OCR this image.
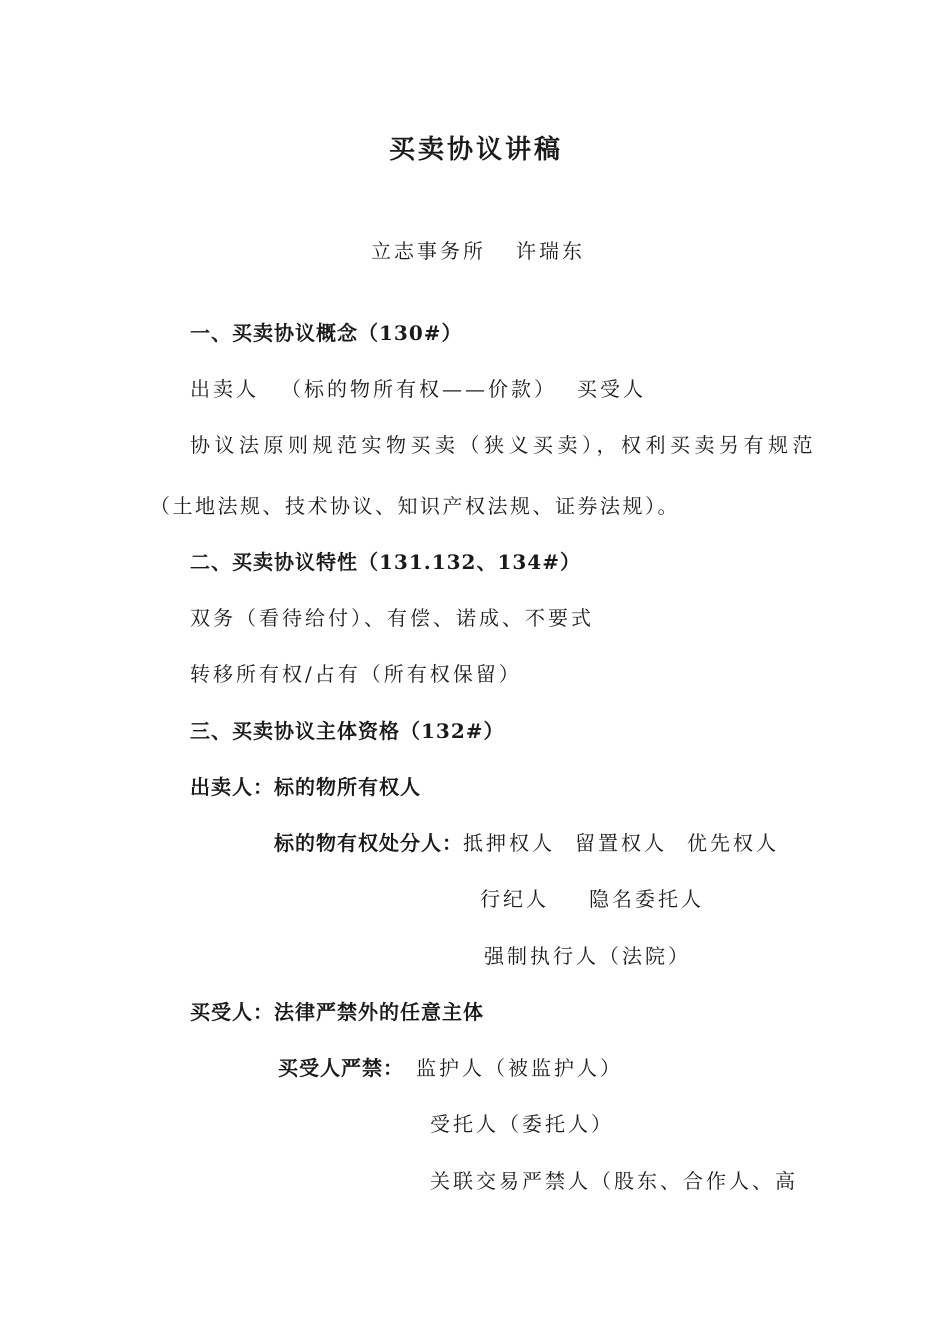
买卖协议讲稿
立志事务所 许瑞东
一、买卖协议概念（130#）
出卖人 （标的物所有权——价款） 买受人
协议法原则规范实物买卖（狭义买卖），权利买卖另有规范
（土地法规、技术协议、知识产权法规、证券法规）。
二、买卖协议特性（131.132、134#）
双务（看待给付）、有偿、诺成、不要式
转移所有权/占有（所有权保留）
三、买卖协议主体资格（132#）
出卖人：标的物所有权人
标的物有权处分人：抵押权人 留置权人 优先权人
行纪人 隐名委托人
强制执行人（法院）
买受人：法律严禁外的任意主体
买受人严禁： 监护人（被监护人）
受托人（委托人）
关联交易严禁人（股东、合作人、高
